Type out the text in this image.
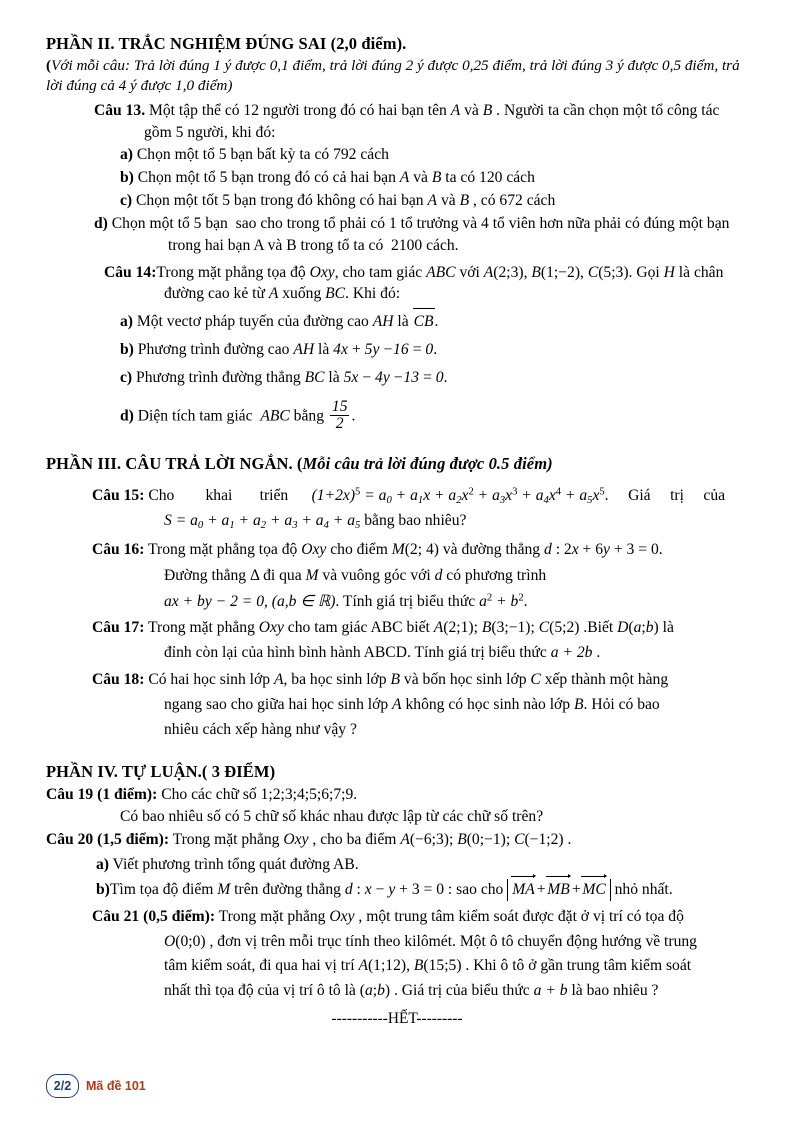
PHẦN II. TRẮC NGHIỆM ĐÚNG SAI (2,0 điểm).
(Với mỗi câu: Trả lời đúng 1 ý được 0,1 điểm, trả lời đúng 2 ý được 0,25 điểm, trả lời đúng 3 ý được 0,5 điểm, trả lời đúng cả 4 ý được 1,0 điểm)
Câu 13. Một tập thể có 12 người trong đó có hai bạn tên A và B . Người ta cần chọn một tổ công tác gồm 5 người, khi đó:
a) Chọn một tổ 5 bạn bất kỳ ta có 792 cách
b) Chọn một tổ 5 bạn trong đó có cả hai bạn A và B ta có 120 cách
c) Chọn một tốt 5 bạn trong đó không có hai bạn A và B , có 672 cách
d) Chọn một tổ 5 bạn  sao cho trong tổ phải có 1 tổ trưởng và 4 tổ viên hơn nữa phải có đúng một bạn trong hai bạn A và B trong tổ ta có  2100 cách.
Câu 14:Trong mặt phẳng tọa độ Oxy, cho tam giác ABC với A(2;3), B(1;−2), C(5;3). Gọi H là chân đường cao kẻ từ A xuống BC. Khi đó:
a) Một vectơ pháp tuyến của đường cao AH là CB.
b) Phương trình đường cao AH là 4x + 5y −16 = 0.
c) Phương trình đường thẳng BC là 5x − 4y −13 = 0.
d) Diện tích tam giác  ABC bằng $\frac{15}{2}$ .
PHẦN III. CÂU TRẢ LỜI NGẮN. (Mỗi câu trả lời đúng được 0.5 điểm)
Câu 15: Cho        khai       triển      $(1+2x)^5 = a_0 + a_1x + a_2x^2 + a_3x^3 + a_4x^4 + a_5x^5$.     Giá     trị     của
$S = a_0 + a_1 + a_2 + a_3 + a_4 + a_5$ bằng bao nhiêu?
Câu 16: Trong mặt phẳng tọa độ Oxy cho điểm M(2; 4) và đường thẳng d : 2x + 6y + 3 = 0.
Đường thẳng Δ đi qua M và vuông góc với d có phương trình
ax + by − 2 = 0, (a,b ∈ ℝ). Tính giá trị biểu thức $a^2 + b^2$.
Câu 17: Trong mặt phẳng Oxy cho tam giác ABC biết A(2;1); B(3;−1); C(5;2) .Biết D(a;b) là
đỉnh còn lại của hình bình hành ABCD. Tính giá trị biểu thức a + 2b .
Câu 18: Có hai học sinh lớp A, ba học sinh lớp B và bốn học sinh lớp C xếp thành một hàng
ngang sao cho giữa hai học sinh lớp A không có học sinh nào lớp B. Hỏi có bao
nhiêu cách xếp hàng như vậy ?
PHẦN IV. TỰ LUẬN.( 3 ĐIỂM)
Câu 19 (1 điểm): Cho các chữ số 1;2;3;4;5;6;7;9.
Có bao nhiêu số có 5 chữ số khác nhau được lập từ các chữ số trên?
Câu 20 (1,5 điểm): Trong mặt phẳng Oxy , cho ba điểm A(−6;3); B(0;−1); C(−1;2) .
a) Viết phương trình tổng quát đường AB.
b)Tìm tọa độ điểm M trên đường thẳng d : x − y + 3 = 0 : sao cho MA+MB+MC nhỏ nhất.
Câu 21 (0,5 điểm): Trong mặt phẳng Oxy , một trung tâm kiểm soát được đặt ở vị trí có tọa độ
O(0;0) , đơn vị trên mỗi trục tính theo kilômét. Một ô tô chuyển động hướng về trung
tâm kiểm soát, đi qua hai vị trí A(1;12), B(15;5) . Khi ô tô ở gần trung tâm kiểm soát
nhất thì tọa độ của vị trí ô tô là (a;b) . Giá trị của biểu thức a + b là bao nhiêu ?
-----------HẾT---------
2/2	Mã đề 101
